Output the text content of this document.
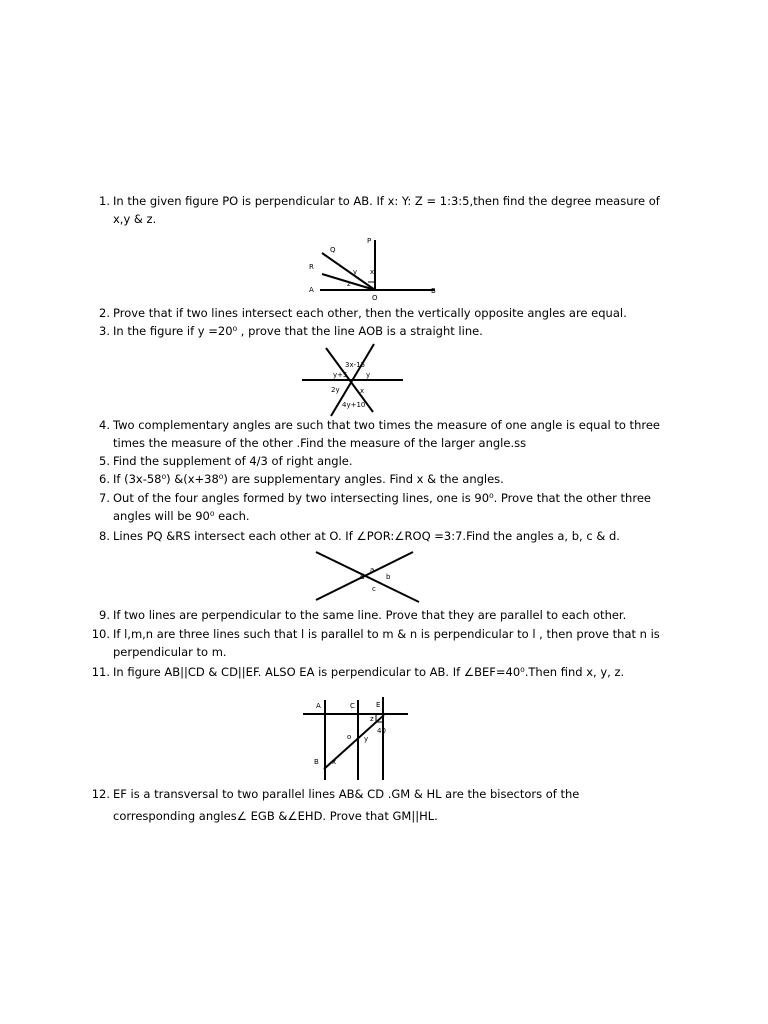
1. In the given figure PO is perpendicular to AB. If x: Y: Z = 1:3:5,then find the degree measure of x,y & z.
P
Q
R
A
O
B
x
y
z
2. Prove that if two lines intersect each other, then the vertically opposite angles are equal.
3. In the figure if y =20⁰ , prove that the line AOB is a straight line.
3x-15
y+5	y
2y	x
4y+10
4. Two complementary angles are such that two times the measure of one angle is equal to three times the measure of the other .Find the measure of the larger angle.ss
5. Find the supplement of 4/3 of right angle.
6. If (3x-58⁰) &(x+38⁰) are supplementary angles. Find x & the angles.
7. Out of the four angles formed by two intersecting lines, one is 90⁰. Prove that the other three angles will be 90⁰ each.
8. Lines PQ &RS intersect each other at O. If ∠POR:∠ROQ =3:7.Find the angles a, b, c & d.
a
b
c
d
9. If two lines are perpendicular to the same line. Prove that they are parallel to each other.
10. If l,m,n are three lines such that l is parallel to m & n is perpendicular to l , then prove that n is perpendicular to m.
11. In figure AB||CD & CD||EF. ALSO EA is perpendicular to AB. If ∠BEF=40⁰.Then find x, y, z.
A	C	E
B x
o y
z
40
12. EF is a transversal to two parallel lines AB& CD .GM & HL are the bisectors of the corresponding angles∠ EGB &∠EHD. Prove that GM||HL.
